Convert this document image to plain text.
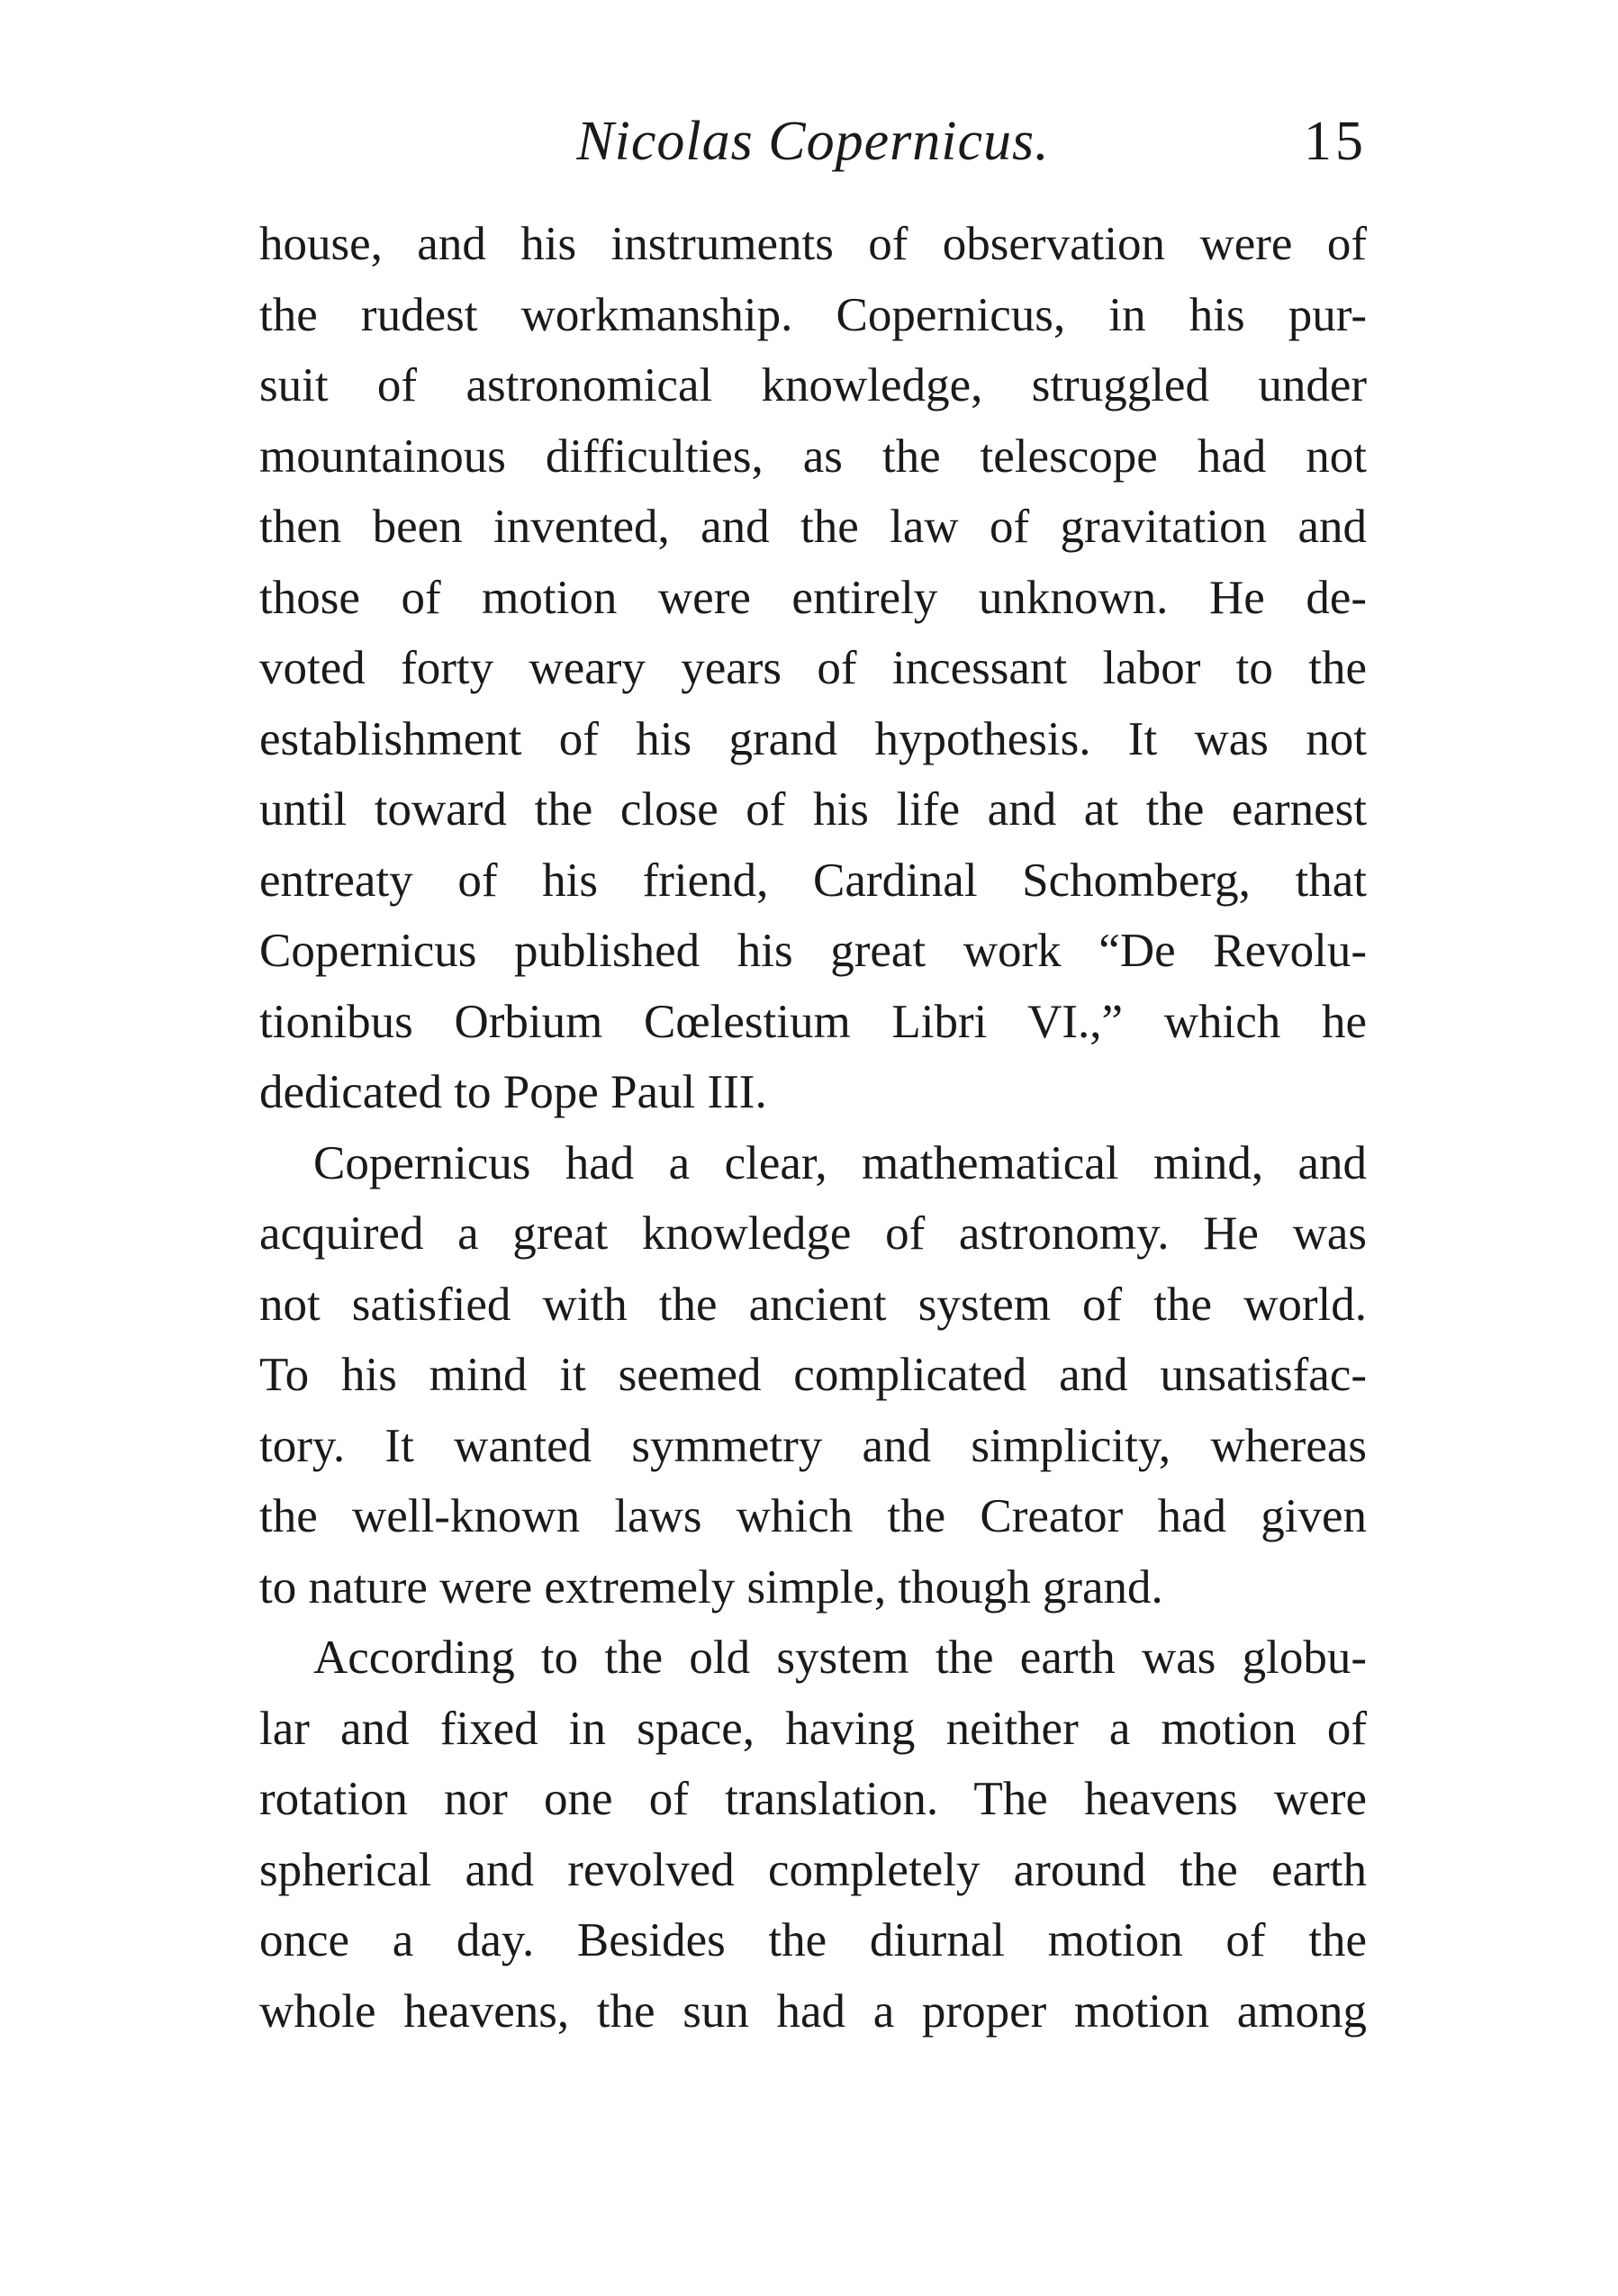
Nicolas Copernicus.	15
house, and his instruments of observation were of
the rudest workmanship. Copernicus, in his pur-
suit of astronomical knowledge, struggled under
mountainous difficulties, as the telescope had not
then been invented, and the law of gravitation and
those of motion were entirely unknown. He de-
voted forty weary years of incessant labor to the
establishment of his grand hypothesis. It was not
until toward the close of his life and at the earnest
entreaty of his friend, Cardinal Schomberg, that
Copernicus published his great work “De Revolu-
tionibus Orbium Cœlestium Libri VI.,” which he
dedicated to Pope Paul III.
Copernicus had a clear, mathematical mind, and
acquired a great knowledge of astronomy. He was
not satisfied with the ancient system of the world.
To his mind it seemed complicated and unsatisfac-
tory. It wanted symmetry and simplicity, whereas
the well-known laws which the Creator had given
to nature were extremely simple, though grand.
According to the old system the earth was globu-
lar and fixed in space, having neither a motion of
rotation nor one of translation. The heavens were
spherical and revolved completely around the earth
once a day. Besides the diurnal motion of the
whole heavens, the sun had a proper motion among
